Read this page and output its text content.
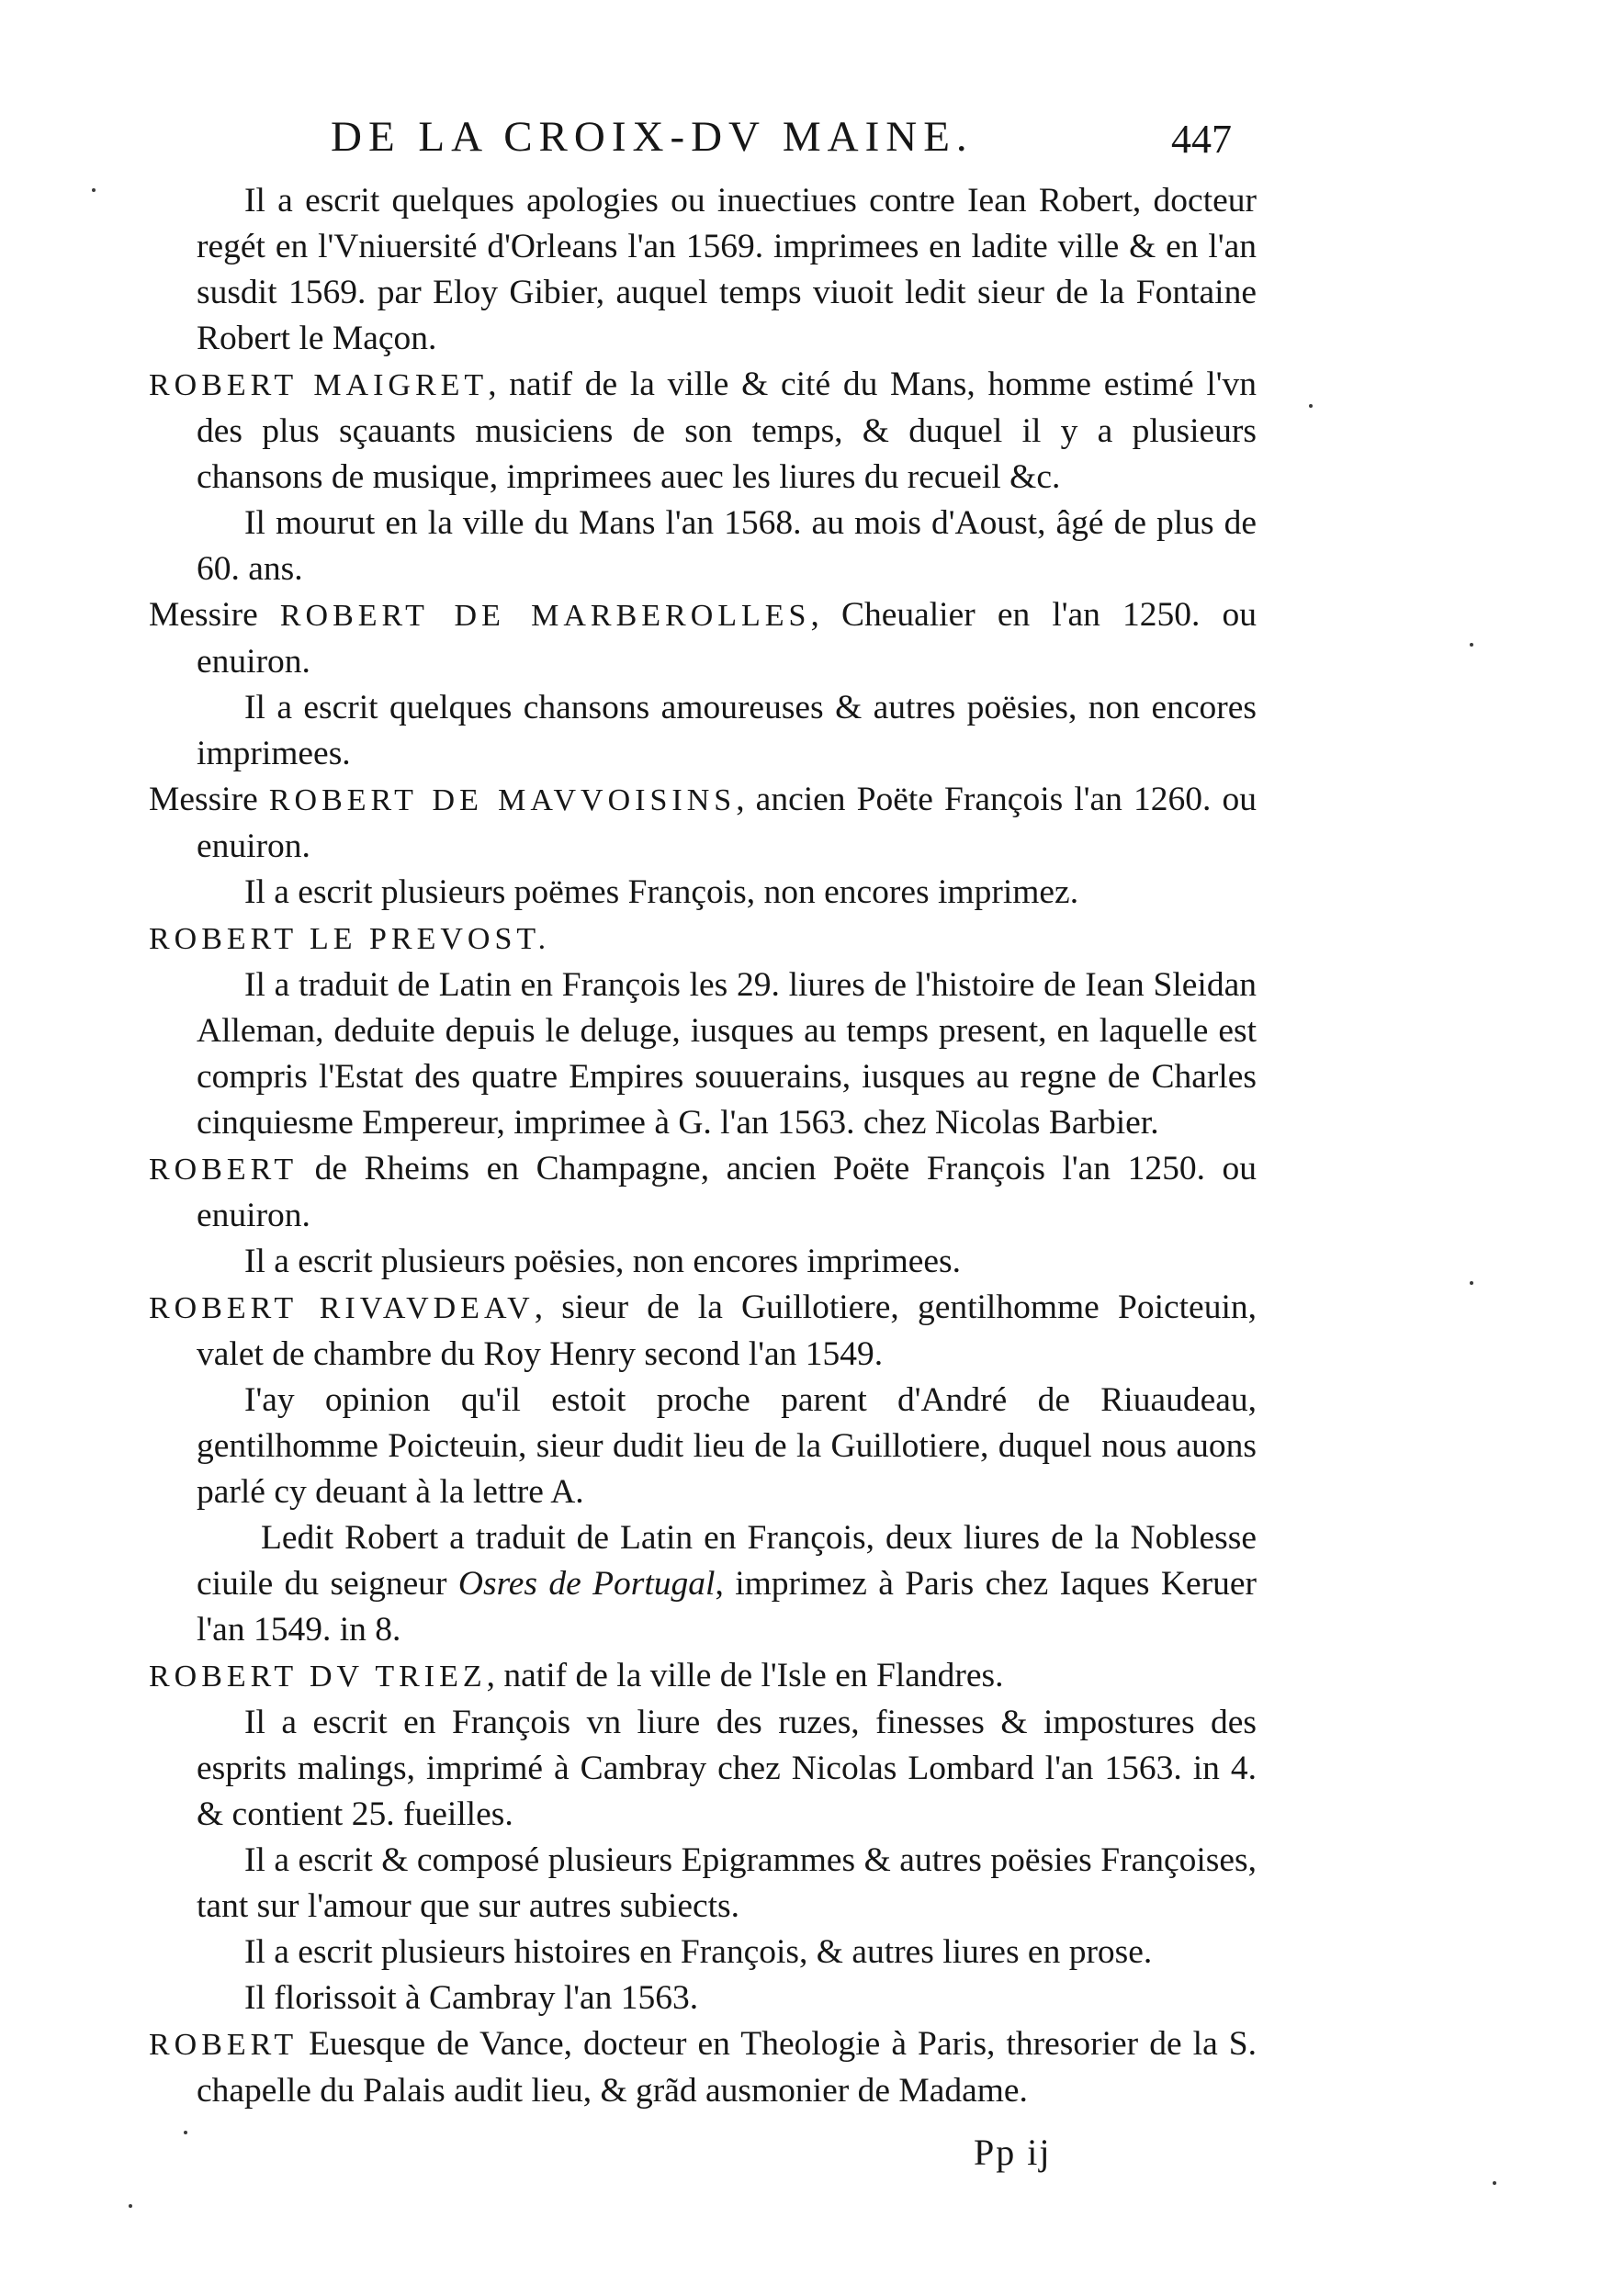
DE LA CROIX-DV MAINE.	447

Il a escrit quelques apologies ou inuectiues contre Iean Robert, docteur regét en l'Vniuersité d'Orleans l'an 1569. imprimees en ladite ville & en l'an susdit 1569. par Eloy Gibier, auquel temps viuoit ledit sieur de la Fontaine Robert le Maçon.

ROBERT MAIGRET, natif de la ville & cité du Mans, homme estimé l'vn des plus sçauants musiciens de son temps, & duquel il y a plusieurs chansons de musique, imprimees auec les liures du recueil &c.

Il mourut en la ville du Mans l'an 1568. au mois d'Aoust, âgé de plus de 60. ans.

Messire ROBERT DE MARBEROLLES, Cheualier en l'an 1250. ou enuiron.

Il a escrit quelques chansons amoureuses & autres poësies, non encores imprimees.

Messire ROBERT DE MAVVOISINS, ancien Poëte François l'an 1260. ou enuiron.

Il a escrit plusieurs poëmes François, non encores imprimez.

ROBERT LE PREVOST.

Il a traduit de Latin en François les 29. liures de l'histoire de Iean Sleidan Alleman, deduite depuis le deluge, iusques au temps present, en laquelle est compris l'Estat des quatre Empires souuerains, iusques au regne de Charles cinquiesme Empereur, imprimee à G. l'an 1563. chez Nicolas Barbier.

ROBERT de Rheims en Champagne, ancien Poëte François l'an 1250. ou enuiron.

Il a escrit plusieurs poësies, non encores imprimees.

ROBERT RIVAVDEAV, sieur de la Guillotiere, gentilhomme Poicteuin, valet de chambre du Roy Henry second l'an 1549.

I'ay opinion qu'il estoit proche parent d'André de Riuaudeau, gentilhomme Poicteuin, sieur dudit lieu de la Guillotiere, duquel nous auons parlé cy deuant à la lettre A.

Ledit Robert a traduit de Latin en François, deux liures de la Noblesse ciuile du seigneur Osres de Portugal, imprimez à Paris chez Iaques Keruer l'an 1549. in 8.

ROBERT DV TRIEZ, natif de la ville de l'Isle en Flandres.

Il a escrit en François vn liure des ruzes, finesses & impostures des esprits malings, imprimé à Cambray chez Nicolas Lombard l'an 1563. in 4. & contient 25. fueilles.

Il a escrit & composé plusieurs Epigrammes & autres poësies Françoises, tant sur l'amour que sur autres subiects.

Il a escrit plusieurs histoires en François, & autres liures en prose.

Il florissoit à Cambray l'an 1563.

ROBERT Euesque de Vance, docteur en Theologie à Paris, thresorier de la S. chapelle du Palais audit lieu, & grãd ausmonier de Madame.

Pp ij
